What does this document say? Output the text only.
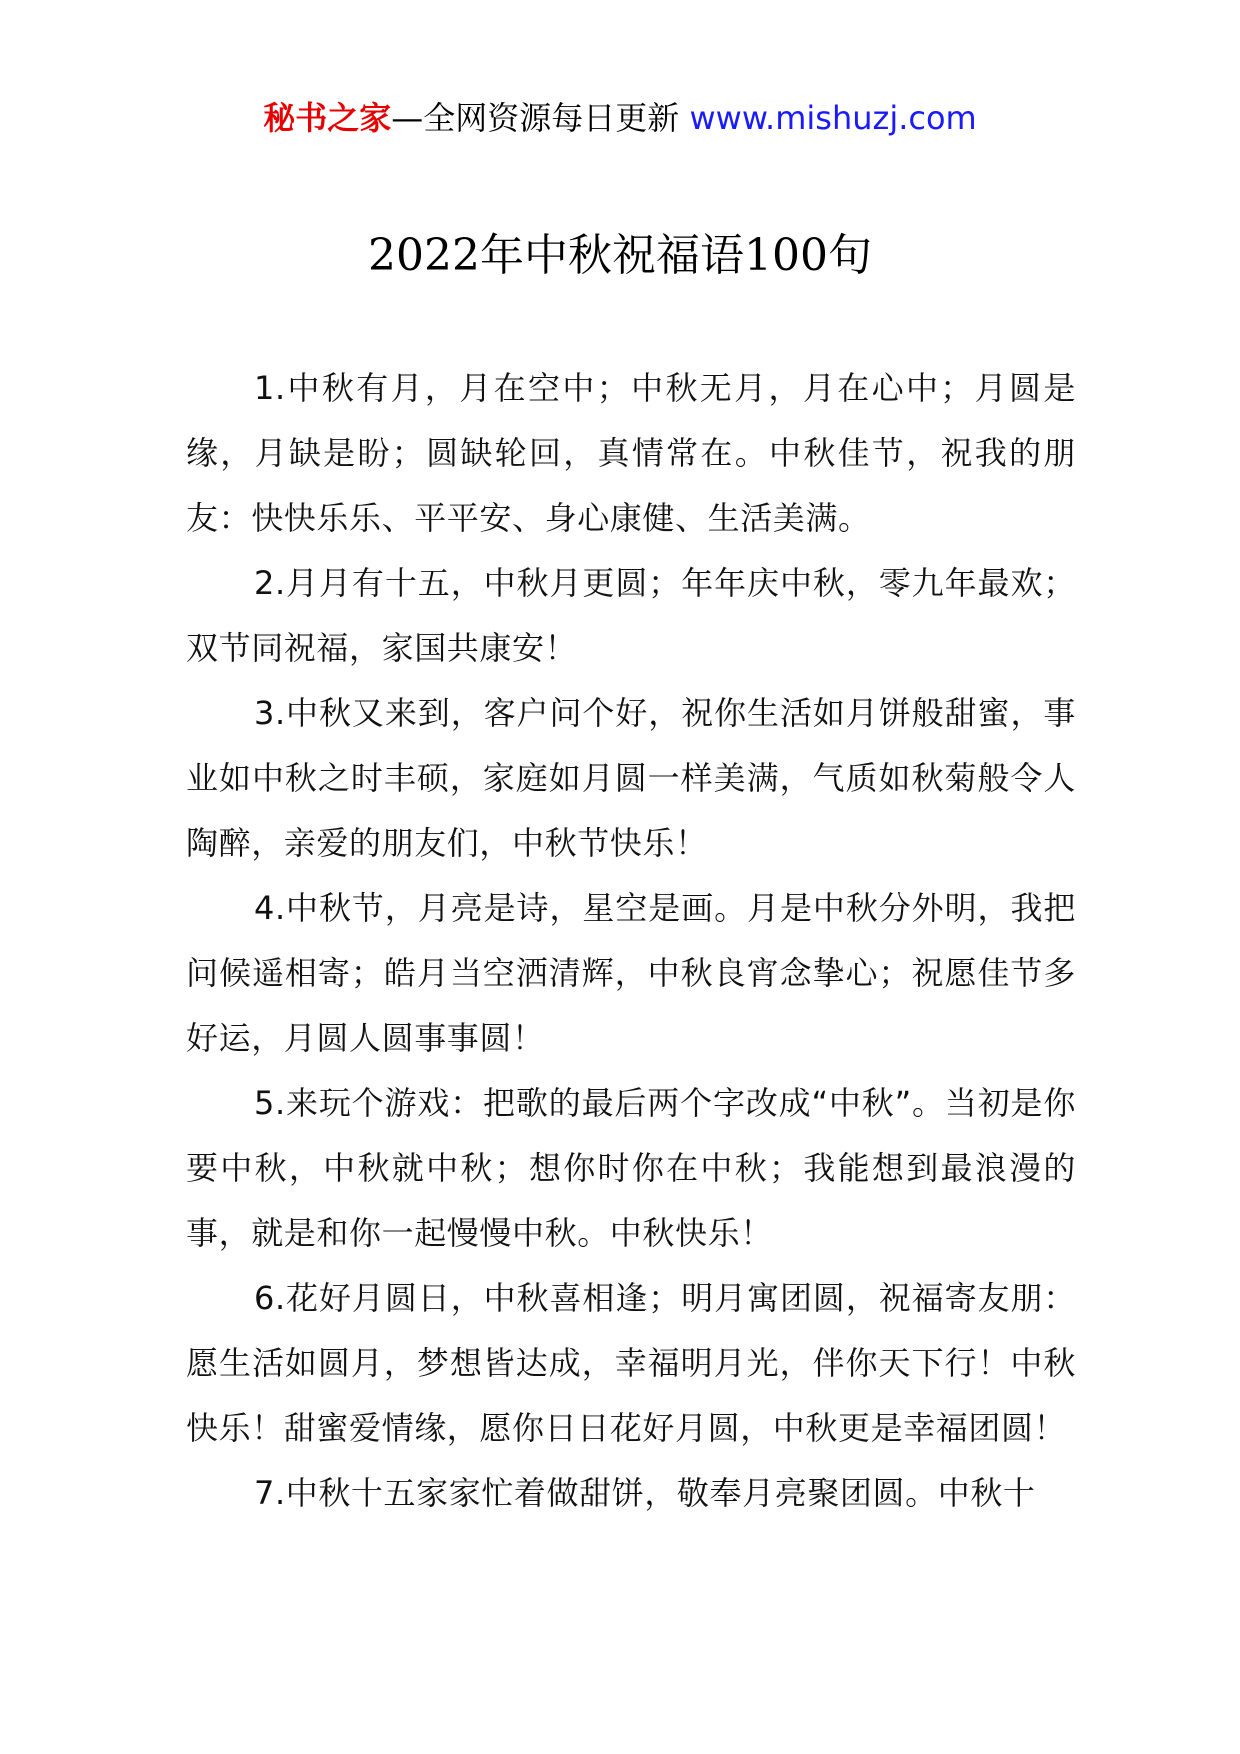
秘书之家—全网资源每日更新 www.mishuzj.com
2022年中秋祝福语100句

1.中秋有月，月在空中；中秋无月，月在心中；月圆是缘，月缺是盼；圆缺轮回，真情常在。中秋佳节，祝我的朋友：快快乐乐、平平安、身心康健、生活美满。

2.月月有十五，中秋月更圆；年年庆中秋，零九年最欢；双节同祝福，家国共康安！

3.中秋又来到，客户问个好，祝你生活如月饼般甜蜜，事业如中秋之时丰硕，家庭如月圆一样美满，气质如秋菊般令人陶醉，亲爱的朋友们，中秋节快乐！

4.中秋节，月亮是诗，星空是画。月是中秋分外明，我把问候遥相寄；皓月当空洒清辉，中秋良宵念挚心；祝愿佳节多好运，月圆人圆事事圆！

5.来玩个游戏：把歌的最后两个字改成“中秋”。当初是你要中秋，中秋就中秋；想你时你在中秋；我能想到最浪漫的事，就是和你一起慢慢中秋。中秋快乐！

6.花好月圆日，中秋喜相逢；明月寓团圆，祝福寄友朋：愿生活如圆月，梦想皆达成，幸福明月光，伴你天下行！中秋快乐！甜蜜爱情缘，愿你日日花好月圆，中秋更是幸福团圆！

7.中秋十五家家忙着做甜饼，敬奉月亮聚团圆。中秋十
